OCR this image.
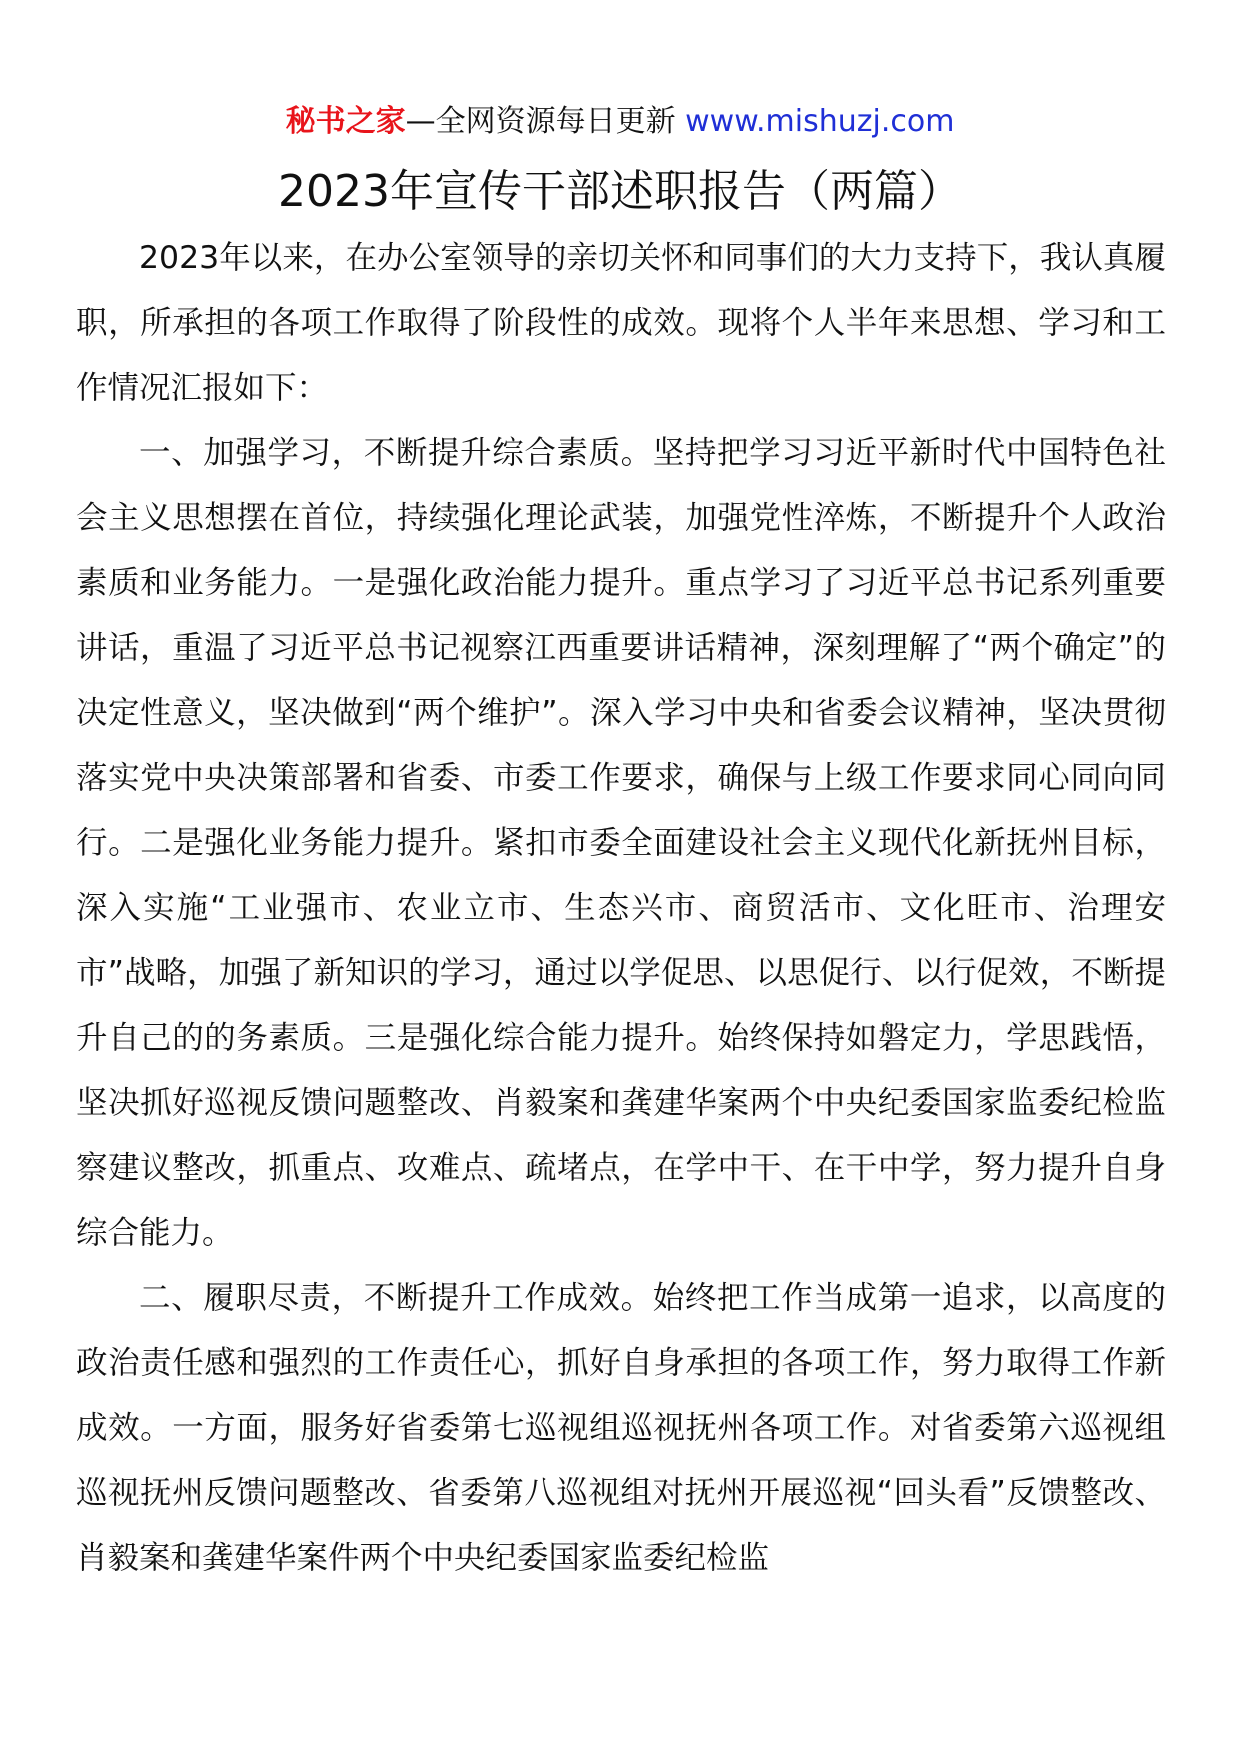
秘书之家—全网资源每日更新 www.mishuzj.com
2023年宣传干部述职报告（两篇）

2023年以来，在办公室领导的亲切关怀和同事们的大力支持下，我认真履职，所承担的各项工作取得了阶段性的成效。现将个人半年来思想、学习和工作情况汇报如下：

一、加强学习，不断提升综合素质。坚持把学习习近平新时代中国特色社会主义思想摆在首位，持续强化理论武装，加强党性淬炼，不断提升个人政治素质和业务能力。一是强化政治能力提升。重点学习了习近平总书记系列重要讲话，重温了习近平总书记视察江西重要讲话精神，深刻理解了“两个确定”的决定性意义，坚决做到“两个维护”。深入学习中央和省委会议精神，坚决贯彻落实党中央决策部署和省委、市委工作要求，确保与上级工作要求同心同向同行。二是强化业务能力提升。紧扣市委全面建设社会主义现代化新抚州目标，深入实施“工业强市、农业立市、生态兴市、商贸活市、文化旺市、治理安市”战略，加强了新知识的学习，通过以学促思、以思促行、以行促效，不断提升自己的的务素质。三是强化综合能力提升。始终保持如磐定力，学思践悟，坚决抓好巡视反馈问题整改、肖毅案和龚建华案两个中央纪委国家监委纪检监察建议整改，抓重点、攻难点、疏堵点，在学中干、在干中学，努力提升自身综合能力。

二、履职尽责，不断提升工作成效。始终把工作当成第一追求，以高度的政治责任感和强烈的工作责任心，抓好自身承担的各项工作，努力取得工作新成效。一方面，服务好省委第七巡视组巡视抚州各项工作。对省委第六巡视组巡视抚州反馈问题整改、省委第八巡视组对抚州开展巡视“回头看”反馈整改、肖毅案和龚建华案件两个中央纪委国家监委纪检监
